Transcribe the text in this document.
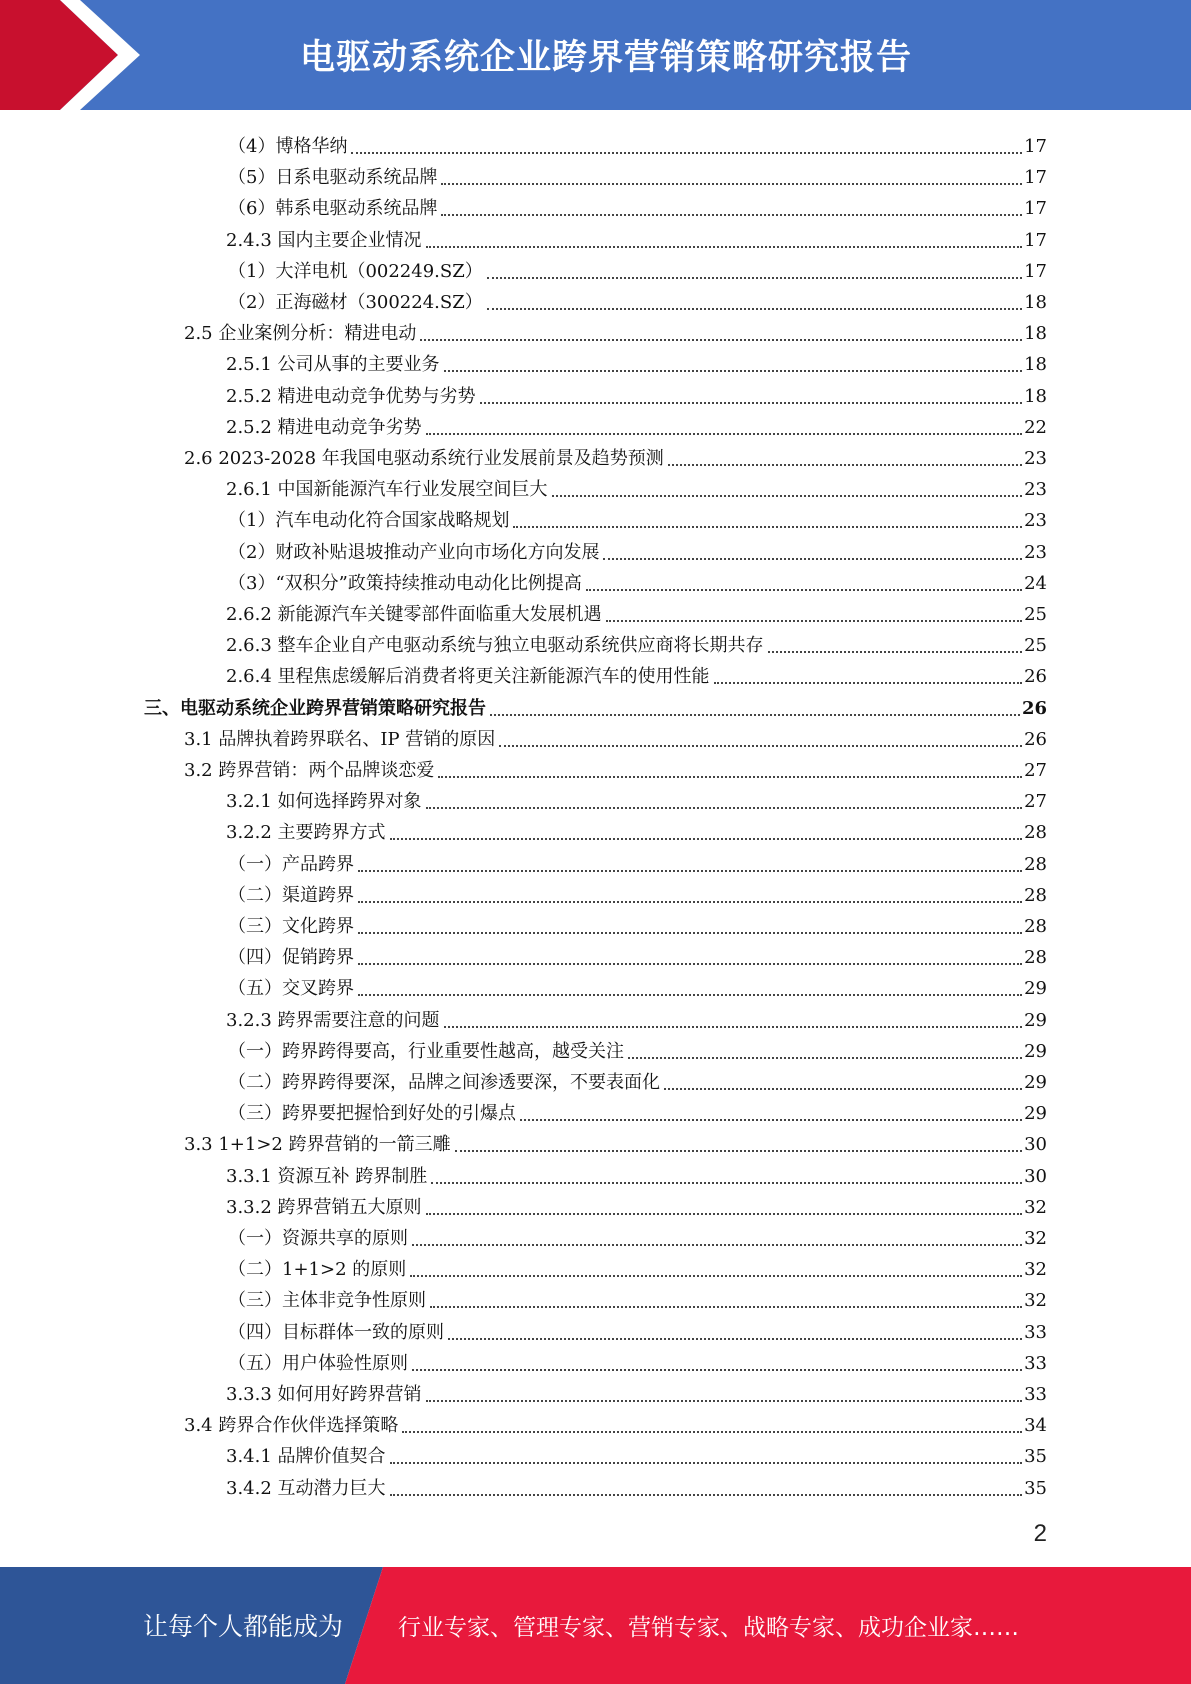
电驱动系统企业跨界营销策略研究报告
（4）博格华纳	17
（5）日系电驱动系统品牌	17
（6）韩系电驱动系统品牌	17
2.4.3 国内主要企业情况	17
（1）大洋电机（002249.SZ）	17
（2）正海磁材（300224.SZ）	18
2.5 企业案例分析：精进电动	18
2.5.1 公司从事的主要业务	18
2.5.2 精进电动竞争优势与劣势	18
2.5.2 精进电动竞争劣势	22
2.6 2023-2028 年我国电驱动系统行业发展前景及趋势预测	23
2.6.1 中国新能源汽车行业发展空间巨大	23
（1）汽车电动化符合国家战略规划	23
（2）财政补贴退坡推动产业向市场化方向发展	23
（3）“双积分”政策持续推动电动化比例提高	24
2.6.2 新能源汽车关键零部件面临重大发展机遇	25
2.6.3 整车企业自产电驱动系统与独立电驱动系统供应商将长期共存	25
2.6.4 里程焦虑缓解后消费者将更关注新能源汽车的使用性能	26
三、电驱动系统企业跨界营销策略研究报告	26
3.1 品牌执着跨界联名、IP 营销的原因	26
3.2 跨界营销：两个品牌谈恋爱	27
3.2.1 如何选择跨界对象	27
3.2.2 主要跨界方式	28
（一）产品跨界	28
（二）渠道跨界	28
（三）文化跨界	28
（四）促销跨界	28
（五）交叉跨界	29
3.2.3 跨界需要注意的问题	29
（一）跨界跨得要高，行业重要性越高，越受关注	29
（二）跨界跨得要深，品牌之间渗透要深，不要表面化	29
（三）跨界要把握恰到好处的引爆点	29
3.3 1+1>2 跨界营销的一箭三雕	30
3.3.1 资源互补 跨界制胜	30
3.3.2 跨界营销五大原则	32
（一）资源共享的原则	32
（二）1+1>2 的原则	32
（三）主体非竞争性原则	32
（四）目标群体一致的原则	33
（五）用户体验性原则	33
3.3.3 如何用好跨界营销	33
3.4 跨界合作伙伴选择策略	34
3.4.1 品牌价值契合	35
3.4.2 互动潜力巨大	35
2
让每个人都能成为 行业专家、管理专家、营销专家、战略专家、成功企业家……
